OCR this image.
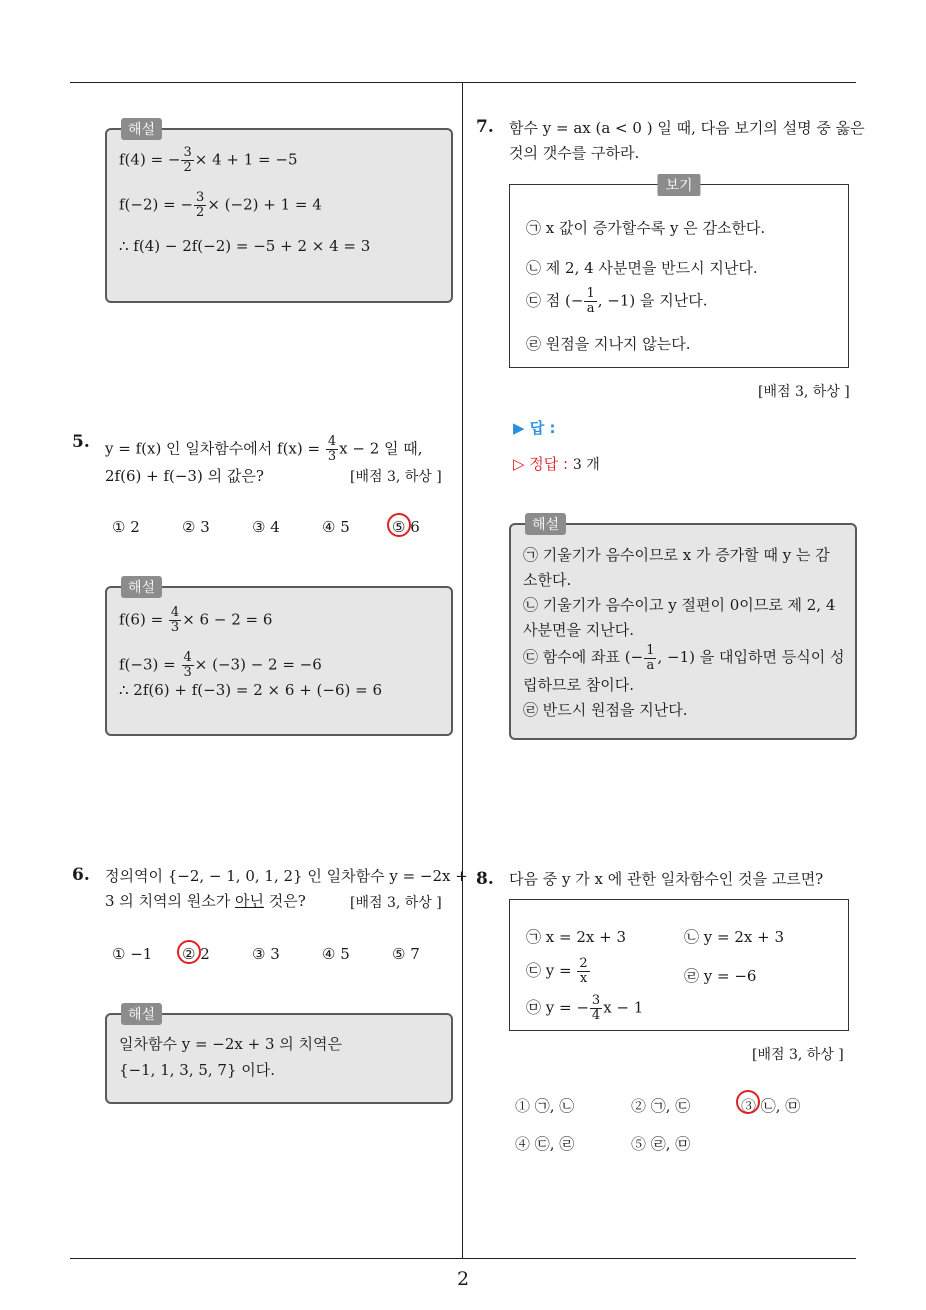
해설

f(4) = − $\frac{3}{2} \times 4 + 1 = -5$

f(−2) = − $\frac{3}{2} \times (-2) + 1 = 4$

∴ f(4) − 2f(−2) = −5 + 2 × 4 = 3

5. y = f(x) 인 일차함수에서 $f(x) = \frac{4}{3}$ x − 2 일 때,
2f(6) + f(−3) 의 값은?	[배점 3, 하상 ]
① 2	② 3	③ 4	④ 5	⑤ 6
해설

$f(6) = \frac{4}{3} \times 6 - 2 = 6$

$f(-3) = \frac{4}{3} \times (-3) - 2 = -6$

∴ 2f(6) + f(−3) = 2 × 6 + (−6) = 6

6. 정의역이 {−2, − 1, 0, 1, 2} 인 일차함수 y = −2x +
3 의 치역의 원소가 아닌 것은?	[배점 3, 하상 ]
① −1	② 2	③ 3	④ 5	⑤ 7
해설

일차함수 y = −2x + 3 의 치역은

{−1, 1, 3, 5, 7} 이다.

7. 함수 y = ax (a < 0 ) 일 때, 다음 보기의 설명 중 옳은
것의 갯수를 구하라.
보기
㉠ x 값이 증가할수록 y 은 감소한다.
㉡ 제 2, 4 사분면을 반드시 지난다.
㉢ 점 (− $\frac{1}{a}$ , −1) 을 지난다.
㉣ 원점을 지나지 않는다.
[배점 3, 하상 ]
▶ 답 :
▷ 정답 : 3 개
해설

㉠ 기울기가 음수이므로 x 가 증가할 때 y 는 감

소한다.

㉡ 기울기가 음수이고 y 절편이 0이므로 제 2, 4

사분면을 지난다.

㉢ 함수에 좌표 (− $\frac{1}{a}$ , −1) 을 대입하면 등식이 성

립하므로 참이다.

㉣ 반드시 원점을 지난다.

8. 다음 중 y 가 x 에 관한 일차함수인 것을 고르면?
㉠ x = 2x + 3	㉡ y = 2x + 3
㉢ $y = \frac{2}{x}$	㉣ y = −6
㉤ y = − $\frac{3}{4}$ x − 1
[배점 3, 하상 ]
① ㉠, ㉡	② ㉠, ㉢	③ ㉡, ㉤
④ ㉢, ㉣	⑤ ㉣, ㉤
2
